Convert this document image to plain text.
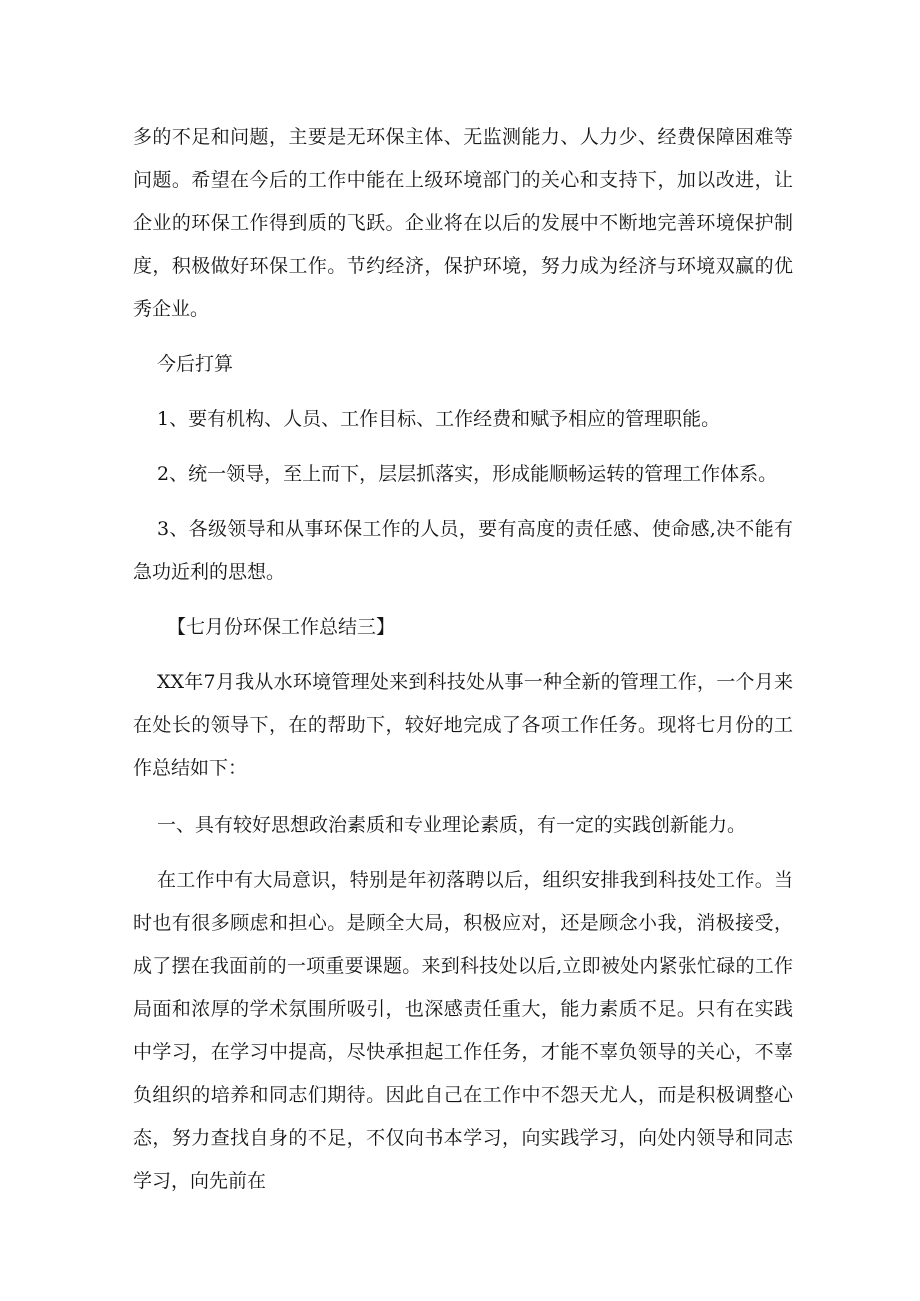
多的不足和问题，主要是无环保主体、无监测能力、人力少、经费保障困难等问题。希望在今后的工作中能在上级环境部门的关心和支持下，加以改进，让企业的环保工作得到质的飞跃。企业将在以后的发展中不断地完善环境保护制度，积极做好环保工作。节约经济，保护环境，努力成为经济与环境双赢的优秀企业。

今后打算

1、要有机构、人员、工作目标、工作经费和赋予相应的管理职能。

2、统一领导，至上而下，层层抓落实，形成能顺畅运转的管理工作体系。

3、各级领导和从事环保工作的人员，要有高度的责任感、使命感,决不能有急功近利的思想。

【七月份环保工作总结三】

XX年7月我从水环境管理处来到科技处从事一种全新的管理工作，一个月来在处长的领导下，在的帮助下，较好地完成了各项工作任务。现将七月份的工作总结如下：

一、具有较好思想政治素质和专业理论素质，有一定的实践创新能力。

在工作中有大局意识，特别是年初落聘以后，组织安排我到科技处工作。当时也有很多顾虑和担心。是顾全大局，积极应对，还是顾念小我，消极接受，成了摆在我面前的一项重要课题。来到科技处以后,立即被处内紧张忙碌的工作局面和浓厚的学术氛围所吸引，也深感责任重大，能力素质不足。只有在实践中学习，在学习中提高，尽快承担起工作任务，才能不辜负领导的关心，不辜负组织的培养和同志们期待。因此自己在工作中不怨天尤人，而是积极调整心态，努力查找自身的不足，不仅向书本学习，向实践学习，向处内领导和同志学习，向先前在
